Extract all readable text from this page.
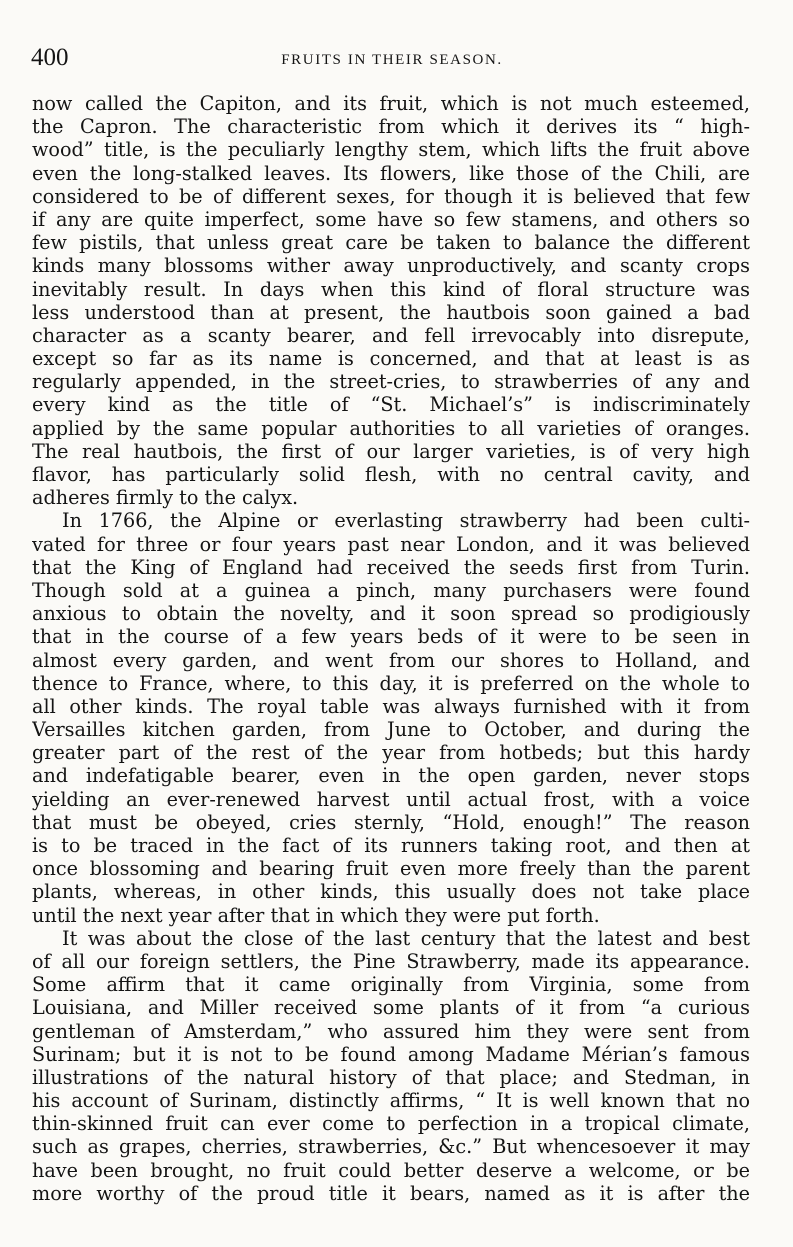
400	FRUITS IN THEIR SEASON.
now called the Capiton, and its fruit, which is not much esteemed,
the Capron. The characteristic from which it derives its “ high-
wood” title, is the peculiarly lengthy stem, which lifts the fruit above
even the long-stalked leaves. Its flowers, like those of the Chili, are
considered to be of different sexes, for though it is believed that few
if any are quite imperfect, some have so few stamens, and others so
few pistils, that unless great care be taken to balance the different
kinds many blossoms wither away unproductively, and scanty crops
inevitably result. In days when this kind of floral structure was
less understood than at present, the hautbois soon gained a bad
character as a scanty bearer, and fell irrevocably into disrepute,
except so far as its name is concerned, and that at least is as
regularly appended, in the street-cries, to strawberries of any and
every kind as the title of “St. Michael’s” is indiscriminately
applied by the same popular authorities to all varieties of oranges.
The real hautbois, the first of our larger varieties, is of very high
flavor, has particularly solid flesh, with no central cavity, and
adheres firmly to the calyx.
In 1766, the Alpine or everlasting strawberry had been culti-
vated for three or four years past near London, and it was believed
that the King of England had received the seeds first from Turin.
Though sold at a guinea a pinch, many purchasers were found
anxious to obtain the novelty, and it soon spread so prodigiously
that in the course of a few years beds of it were to be seen in
almost every garden, and went from our shores to Holland, and
thence to France, where, to this day, it is preferred on the whole to
all other kinds. The royal table was always furnished with it from
Versailles kitchen garden, from June to October, and during the
greater part of the rest of the year from hotbeds; but this hardy
and indefatigable bearer, even in the open garden, never stops
yielding an ever-renewed harvest until actual frost, with a voice
that must be obeyed, cries sternly, “Hold, enough!” The reason
is to be traced in the fact of its runners taking root, and then at
once blossoming and bearing fruit even more freely than the parent
plants, whereas, in other kinds, this usually does not take place
until the next year after that in which they were put forth.
It was about the close of the last century that the latest and best
of all our foreign settlers, the Pine Strawberry, made its appearance.
Some affirm that it came originally from Virginia, some from
Louisiana, and Miller received some plants of it from “a curious
gentleman of Amsterdam,” who assured him they were sent from
Surinam; but it is not to be found among Madame Mérian’s famous
illustrations of the natural history of that place; and Stedman, in
his account of Surinam, distinctly affirms, “ It is well known that no
thin-skinned fruit can ever come to perfection in a tropical climate,
such as grapes, cherries, strawberries, &c.” But whencesoever it may
have been brought, no fruit could better deserve a welcome, or be
more worthy of the proud title it bears, named as it is after the
